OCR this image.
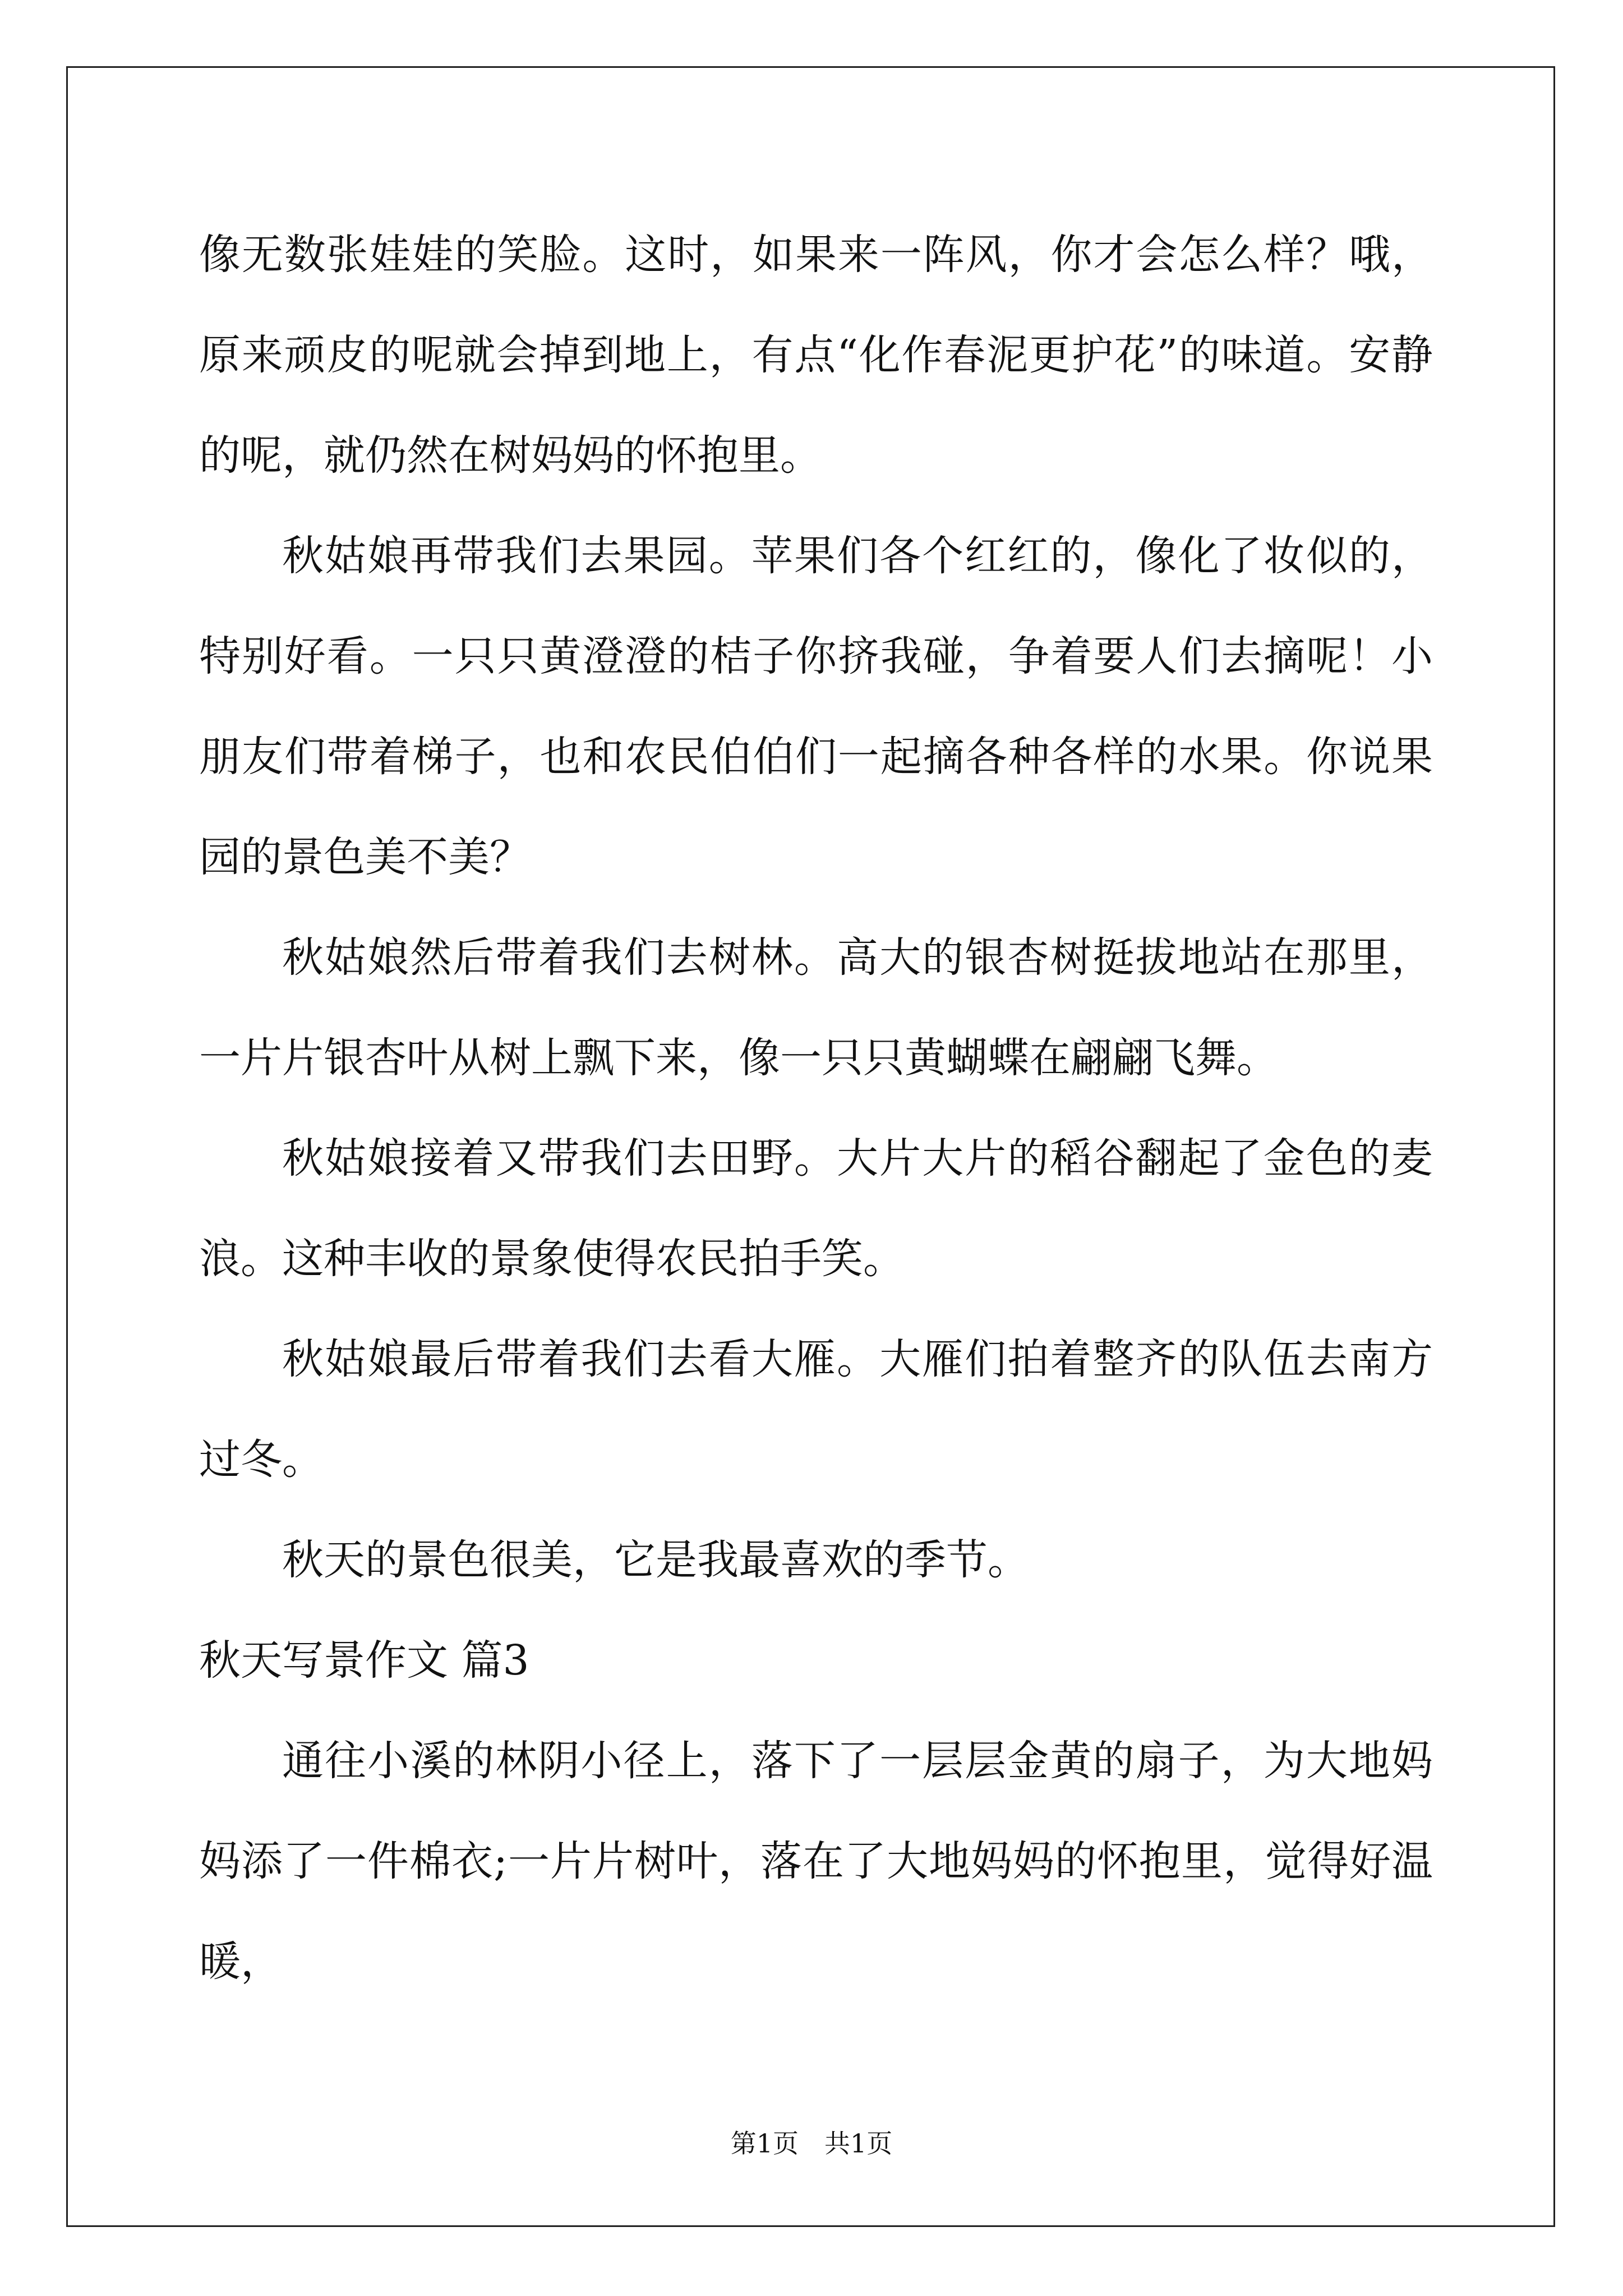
像无数张娃娃的笑脸。这时，如果来一阵风，你才会怎么样？哦，原来顽皮的呢就会掉到地上，有点“化作春泥更护花”的味道。安静的呢，就仍然在树妈妈的怀抱里。

秋姑娘再带我们去果园。苹果们各个红红的，像化了妆似的，特别好看。一只只黄澄澄的桔子你挤我碰，争着要人们去摘呢！小朋友们带着梯子，也和农民伯伯们一起摘各种各样的水果。你说果园的景色美不美？

秋姑娘然后带着我们去树林。高大的银杏树挺拔地站在那里，一片片银杏叶从树上飘下来，像一只只黄蝴蝶在翩翩飞舞。

秋姑娘接着又带我们去田野。大片大片的稻谷翻起了金色的麦浪。这种丰收的景象使得农民拍手笑。

秋姑娘最后带着我们去看大雁。大雁们拍着整齐的队伍去南方过冬。

秋天的景色很美，它是我最喜欢的季节。

秋天写景作文 篇3

通往小溪的林阴小径上，落下了一层层金黄的扇子，为大地妈妈添了一件棉衣;一片片树叶，落在了大地妈妈的怀抱里，觉得好温暖，

第1页　共1页
